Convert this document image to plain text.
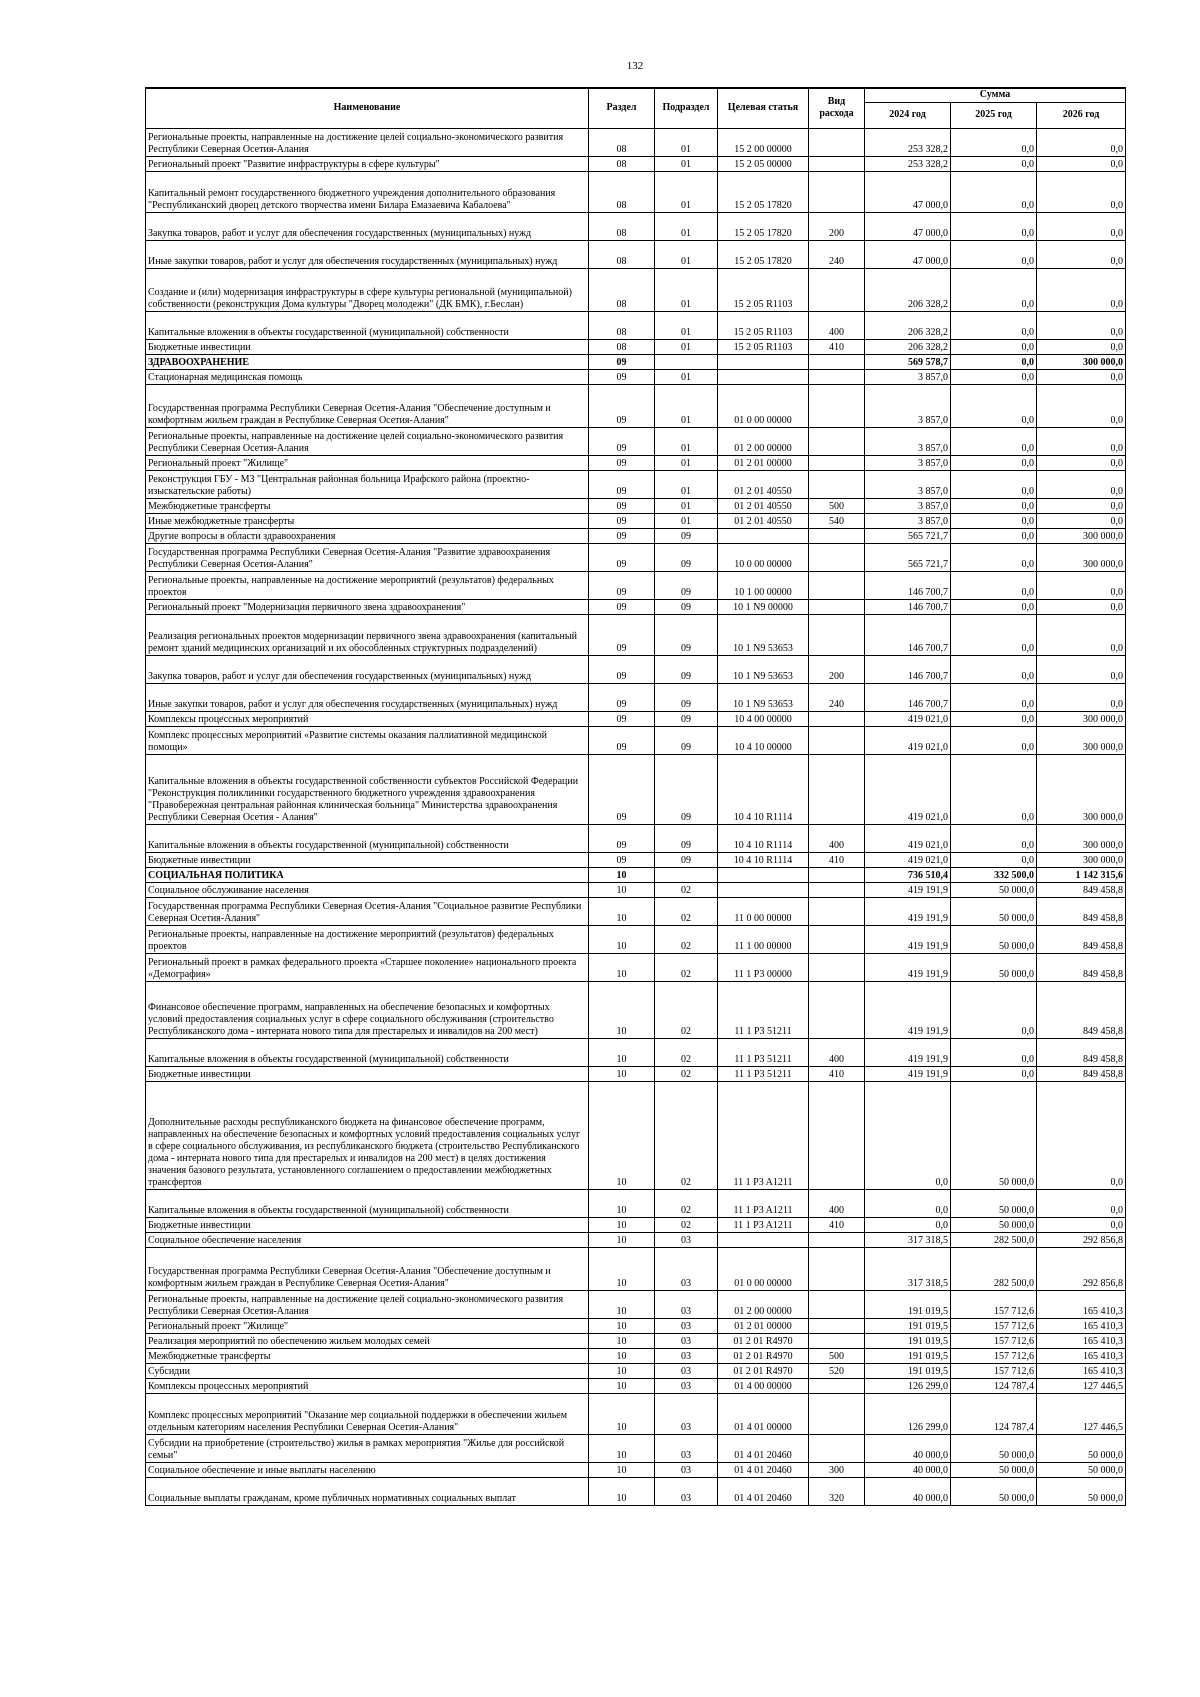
132
Наименование	Раздел	Подраздел	Целевая статья	Вид расхода	Сумма		
					2024 год	2025 год	2026 год
Региональные проекты, направленные на достижение целей социально-экономического развития Республики Северная Осетия-Алания	08	01	15 2 00 00000		253 328,2	0,0	0,0
Региональный проект "Развитие инфраструктуры в сфере культуры"	08	01	15 2 05 00000		253 328,2	0,0	0,0
Капитальный ремонт государственного бюджетного учреждения дополнительного образования "Республиканский дворец детского творчества имени Билара Емазаевича Кабалоева"	08	01	15 2 05 17820		47 000,0	0,0	0,0
Закупка товаров, работ и услуг для обеспечения государственных (муниципальных) нужд	08	01	15 2 05 17820	200	47 000,0	0,0	0,0
Иные закупки товаров, работ и услуг для обеспечения государственных (муниципальных) нужд	08	01	15 2 05 17820	240	47 000,0	0,0	0,0
Создание и (или) модернизация инфраструктуры в сфере культуры региональной (муниципальной) собственности (реконструкция Дома культуры "Дворец молодежи" (ДК БМК), г.Беслан)	08	01	15 2 05 R1103		206 328,2	0,0	0,0
Капитальные вложения в объекты государственной (муниципальной) собственности	08	01	15 2 05 R1103	400	206 328,2	0,0	0,0
Бюджетные инвестиции	08	01	15 2 05 R1103	410	206 328,2	0,0	0,0
ЗДРАВООХРАНЕНИЕ	09				569 578,7	0,0	300 000,0
Стационарная медицинская помощь	09	01			3 857,0	0,0	0,0
Государственная программа Республики Северная Осетия-Алания "Обеспечение доступным и комфортным жильем граждан в Республике Северная Осетия-Алания"	09	01	01 0 00 00000		3 857,0	0,0	0,0
Региональные проекты, направленные на достижение целей социально-экономического развития Республики Северная Осетия-Алания	09	01	01 2 00 00000		3 857,0	0,0	0,0
Региональный проект "Жилище"	09	01	01 2 01 00000		3 857,0	0,0	0,0
Реконструкция ГБУ - МЗ "Центральная районная больница Ирафского района (проектно-изыскательские работы)	09	01	01 2 01 40550		3 857,0	0,0	0,0
Межбюджетные трансферты	09	01	01 2 01 40550	500	3 857,0	0,0	0,0
Иные межбюджетные трансферты	09	01	01 2 01 40550	540	3 857,0	0,0	0,0
Другие вопросы в области здравоохранения	09	09			565 721,7	0,0	300 000,0
Государственная программа Республики Северная Осетия-Алания "Развитие здравоохранения Республики Северная Осетия-Алания"	09	09	10 0 00 00000		565 721,7	0,0	300 000,0
Региональные проекты, направленные на достижение мероприятий (результатов) федеральных проектов	09	09	10 1 00 00000		146 700,7	0,0	0,0
Региональный проект "Модернизация первичного звена здравоохранения"	09	09	10 1 N9 00000		146 700,7	0,0	0,0
Реализация региональных проектов модернизации первичного звена здравоохранения (капитальный ремонт зданий медицинских организаций и их обособленных структурных подразделений)	09	09	10 1 N9 53653		146 700,7	0,0	0,0
Закупка товаров, работ и услуг для обеспечения государственных (муниципальных) нужд	09	09	10 1 N9 53653	200	146 700,7	0,0	0,0
Иные закупки товаров, работ и услуг для обеспечения государственных (муниципальных) нужд	09	09	10 1 N9 53653	240	146 700,7	0,0	0,0
Комплексы процессных мероприятий	09	09	10 4 00 00000		419 021,0	0,0	300 000,0
Комплекс процессных мероприятий «Развитие системы оказания паллиативной медицинской помощи»	09	09	10 4 10 00000		419 021,0	0,0	300 000,0
Капитальные вложения в объекты государственной собственности субъектов Российской Федерации "Реконструкция поликлиники государственного бюджетного учреждения здравоохранения "Правобережная центральная районная клиническая больница" Министерства здравоохранения Республики Северная Осетия - Алания"	09	09	10 4 10 R1114		419 021,0	0,0	300 000,0
Капитальные вложения в объекты государственной (муниципальной) собственности	09	09	10 4 10 R1114	400	419 021,0	0,0	300 000,0
Бюджетные инвестиции	09	09	10 4 10 R1114	410	419 021,0	0,0	300 000,0
СОЦИАЛЬНАЯ ПОЛИТИКА	10				736 510,4	332 500,0	1 142 315,6
Социальное обслуживание населения	10	02			419 191,9	50 000,0	849 458,8
Государственная программа Республики Северная Осетия-Алания "Социальное развитие Республики Северная Осетия-Алания"	10	02	11 0 00 00000		419 191,9	50 000,0	849 458,8
Региональные проекты, направленные на достижение мероприятий (результатов) федеральных проектов	10	02	11 1 00 00000		419 191,9	50 000,0	849 458,8
Региональный проект в рамках федерального проекта «Старшее поколение» национального проекта «Демография»	10	02	11 1 P3 00000		419 191,9	50 000,0	849 458,8
Финансовое обеспечение программ, направленных на обеспечение безопасных и комфортных условий предоставления социальных услуг в сфере социального обслуживания (строительство Республиканского дома - интерната нового типа для престарелых и инвалидов на 200 мест)	10	02	11 1 P3 51211		419 191,9	0,0	849 458,8
Капитальные вложения в объекты государственной (муниципальной) собственности	10	02	11 1 P3 51211	400	419 191,9	0,0	849 458,8
Бюджетные инвестиции	10	02	11 1 P3 51211	410	419 191,9	0,0	849 458,8
Дополнительные расходы республиканского бюджета на финансовое обеспечение программ, направленных на обеспечение безопасных и комфортных условий предоставления социальных услуг в сфере социального обслуживания, из республиканского бюджета (строительство Республиканского дома - интерната нового типа для престарелых и инвалидов на 200 мест) в целях достижения значения базового результата, установленного соглашением о предоставлении межбюджетных трансфертов	10	02	11 1 P3 A1211		0,0	50 000,0	0,0
Капитальные вложения в объекты государственной (муниципальной) собственности	10	02	11 1 P3 A1211	400	0,0	50 000,0	0,0
Бюджетные инвестиции	10	02	11 1 P3 A1211	410	0,0	50 000,0	0,0
Социальное обеспечение населения	10	03			317 318,5	282 500,0	292 856,8
Государственная программа Республики Северная Осетия-Алания "Обеспечение доступным и комфортным жильем граждан в Республике Северная Осетия-Алания"	10	03	01 0 00 00000		317 318,5	282 500,0	292 856,8
Региональные проекты, направленные на достижение целей социально-экономического развития Республики Северная Осетия-Алания	10	03	01 2 00 00000		191 019,5	157 712,6	165 410,3
Региональный проект "Жилище"	10	03	01 2 01 00000		191 019,5	157 712,6	165 410,3
Реализация мероприятий по обеспечению жильем молодых семей	10	03	01 2 01 R4970		191 019,5	157 712,6	165 410,3
Межбюджетные трансферты	10	03	01 2 01 R4970	500	191 019,5	157 712,6	165 410,3
Субсидии	10	03	01 2 01 R4970	520	191 019,5	157 712,6	165 410,3
Комплексы процессных мероприятий	10	03	01 4 00 00000		126 299,0	124 787,4	127 446,5
Комплекс процессных мероприятий "Оказание мер социальной поддержки в обеспечении жильем отдельным категориям населения Республики Северная Осетия-Алания"	10	03	01 4 01 00000		126 299,0	124 787,4	127 446,5
Субсидии на приобретение (строительство) жилья в рамках мероприятия "Жилье для российской семьи"	10	03	01 4 01 20460		40 000,0	50 000,0	50 000,0
Социальное обеспечение и иные выплаты населению	10	03	01 4 01 20460	300	40 000,0	50 000,0	50 000,0
Социальные выплаты гражданам, кроме публичных нормативных социальных выплат	10	03	01 4 01 20460	320	40 000,0	50 000,0	50 000,0
